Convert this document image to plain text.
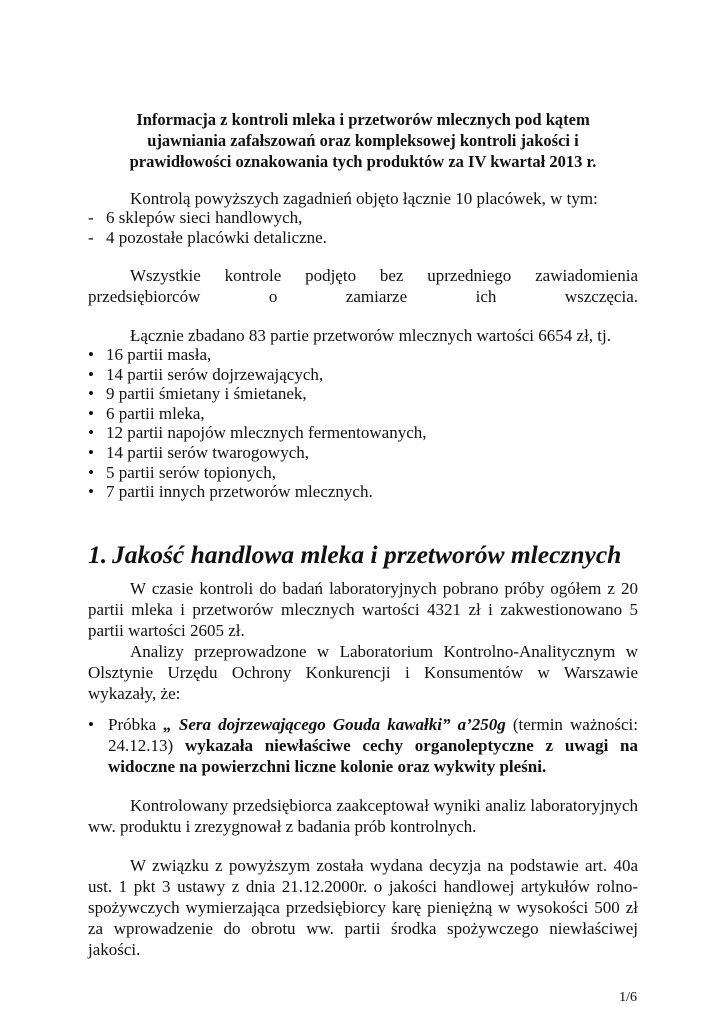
Informacja z kontroli mleka i przetworów mlecznych pod kątem
ujawniania zafałszowań oraz kompleksowej kontroli jakości i
prawidłowości oznakowania tych produktów za IV kwartał 2013 r.

Kontrolą powyższych zagadnień objęto łącznie 10 placówek, w tym:

- 6 sklepów sieci handlowych,
- 4 pozostałe placówki detaliczne.

Wszystkie kontrole podjęto bez uprzedniego zawiadomienia przedsiębiorców o zamiarze ich wszczęcia.

Łącznie zbadano 83 partie przetworów mlecznych wartości 6654 zł, tj.

• 16 partii masła,
• 14 partii serów dojrzewających,
• 9 partii śmietany i śmietanek,
• 6 partii mleka,
• 12 partii napojów mlecznych fermentowanych,
• 14 partii serów twarogowych,
• 5 partii serów topionych,
• 7 partii innych przetworów mlecznych.
1. Jakość handlowa mleka i przetworów mlecznych

W czasie kontroli do badań laboratoryjnych pobrano próby ogółem z 20 partii mleka i przetworów mlecznych wartości 4321 zł i zakwestionowano 5 partii wartości 2605 zł.

Analizy przeprowadzone w Laboratorium Kontrolno-Analitycznym w Olsztynie Urzędu Ochrony Konkurencji i Konsumentów w Warszawie wykazały, że:

• Próbka „ Sera dojrzewającego Gouda kawałki” a’250g (termin ważności: 24.12.13) wykazała niewłaściwe cechy organoleptyczne z uwagi na widoczne na powierzchni liczne kolonie oraz wykwity pleśni.

Kontrolowany przedsiębiorca zaakceptował wyniki analiz laboratoryjnych ww. produktu i zrezygnował z badania prób kontrolnych.

W związku z powyższym została wydana decyzja na podstawie art. 40a ust. 1 pkt 3 ustawy z dnia 21.12.2000r. o jakości handlowej artykułów rolno-spożywczych wymierzająca przedsiębiorcy karę pieniężną w wysokości 500 zł za wprowadzenie do obrotu ww. partii środka spożywczego niewłaściwej jakości.

1/6
